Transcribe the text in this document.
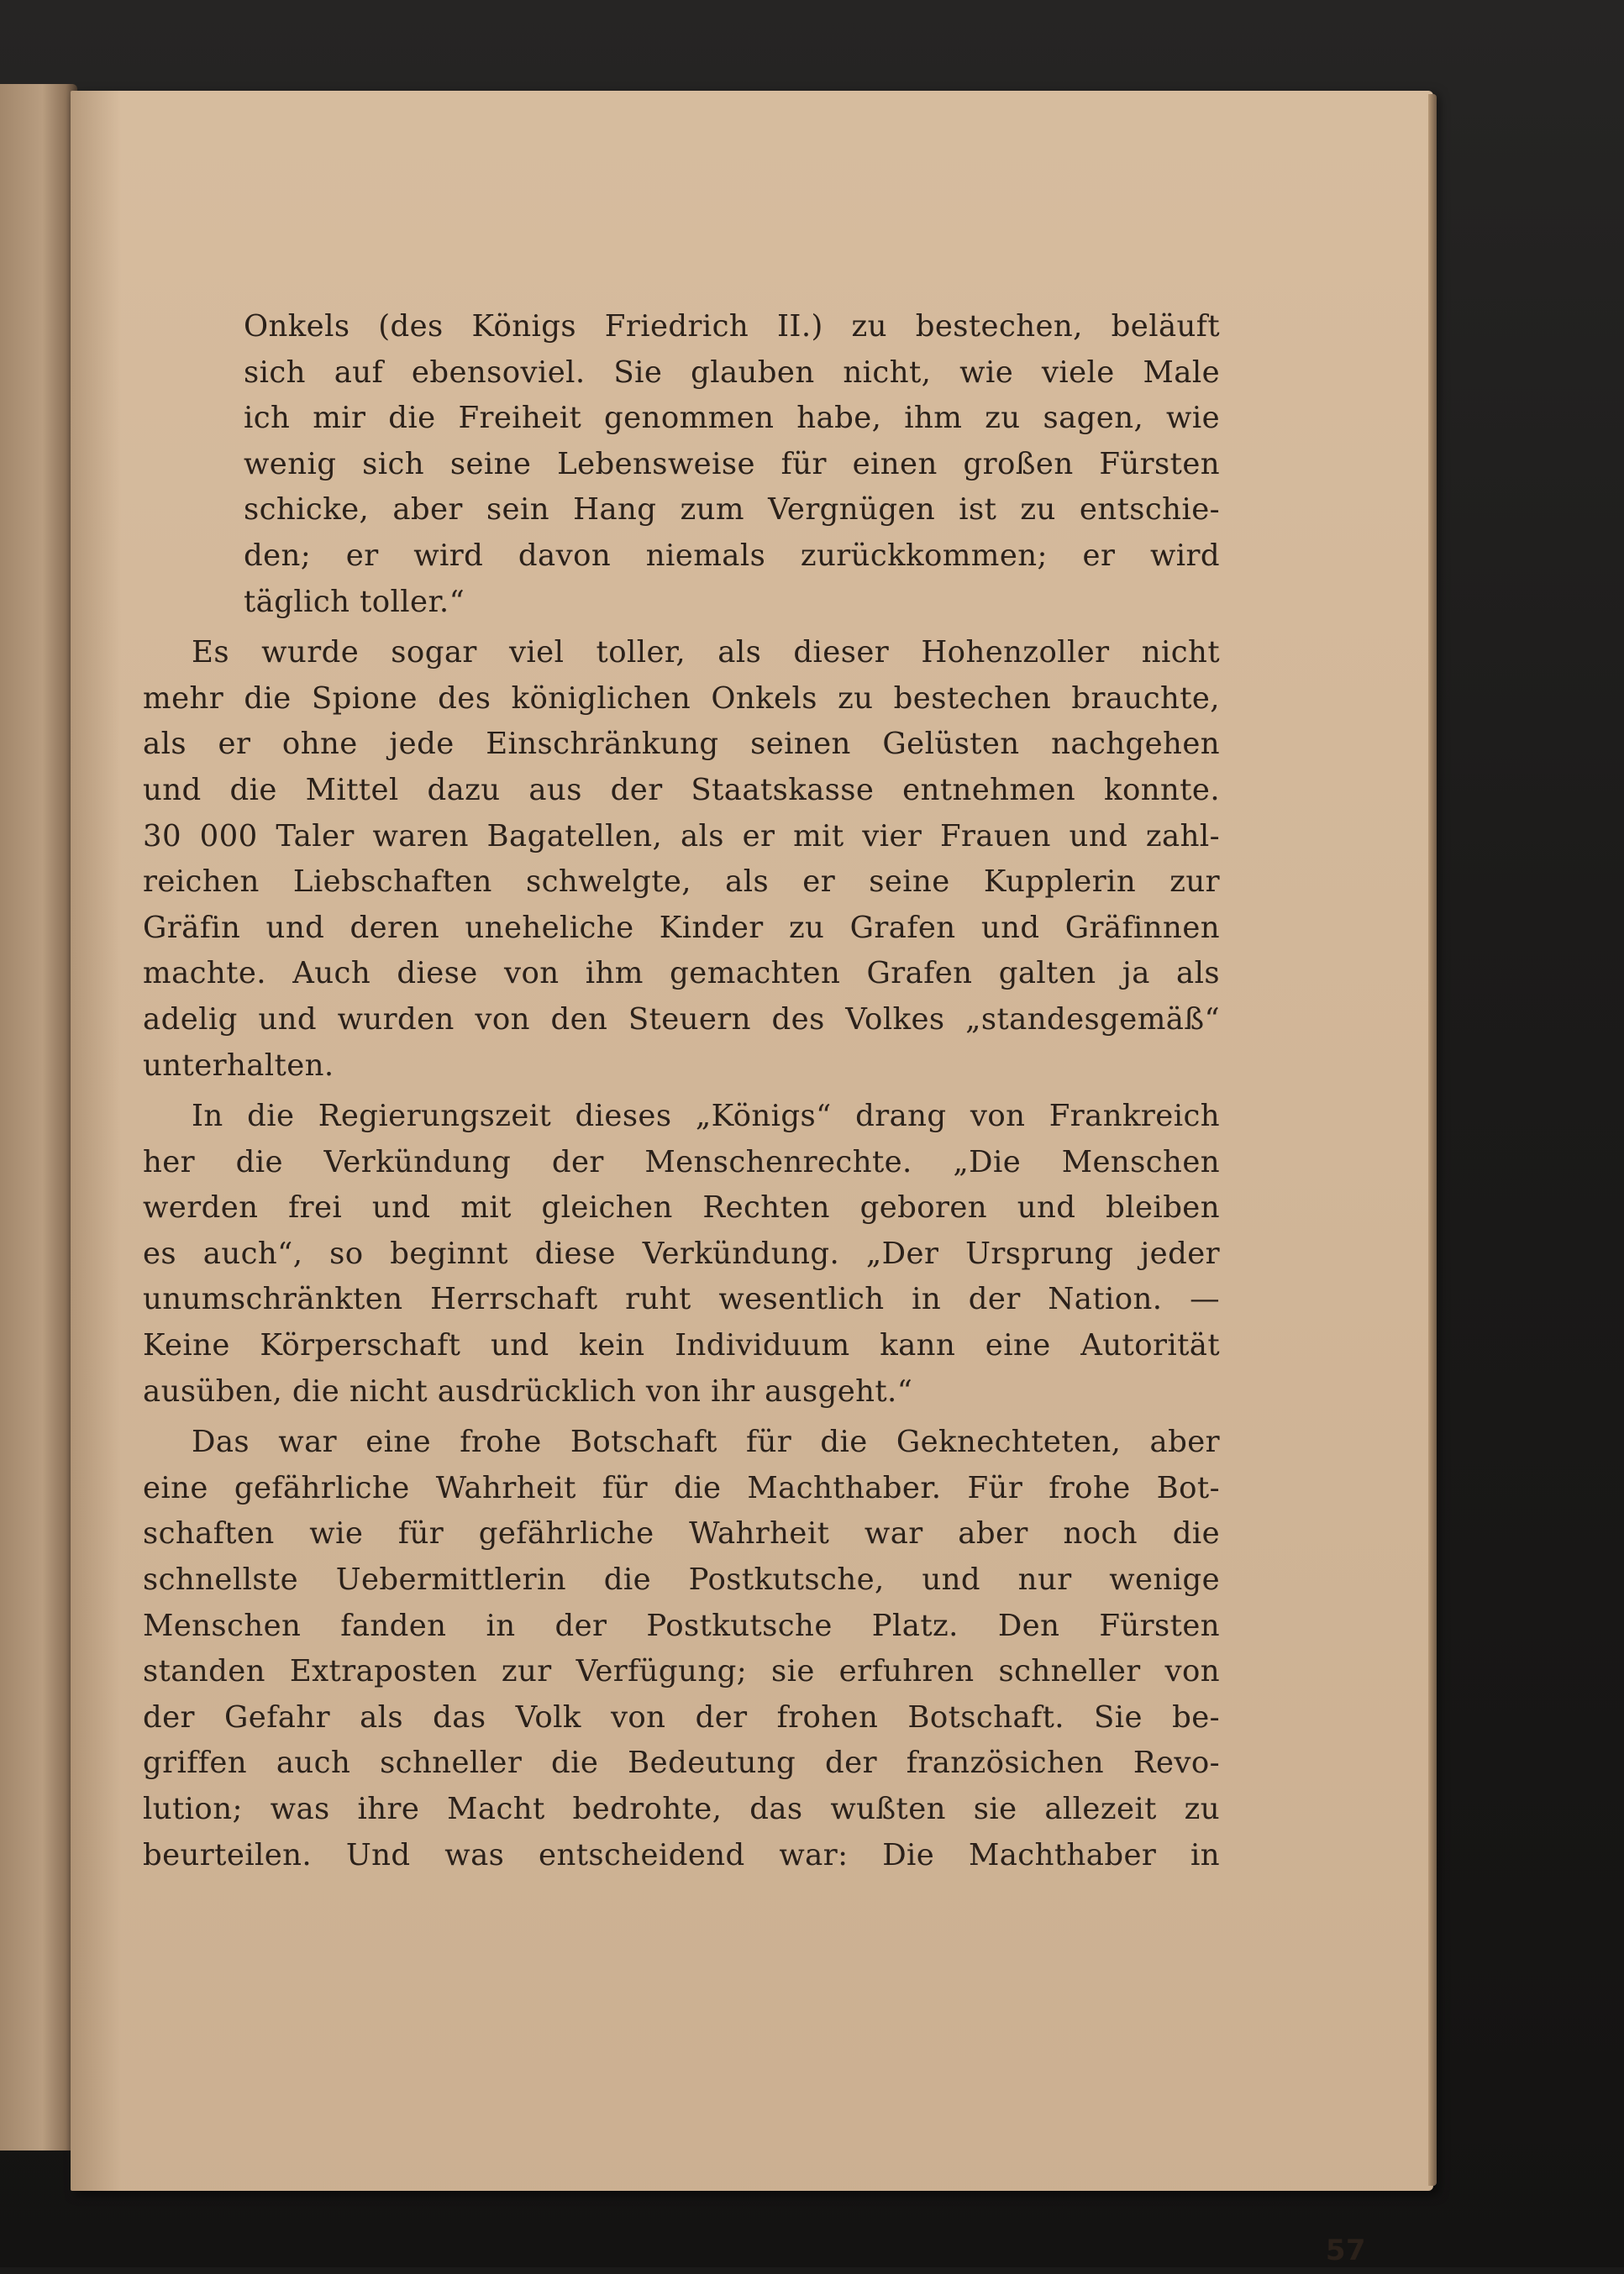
Onkels (des Königs Friedrich II.) zu bestechen, beläuft
sich auf ebensoviel. Sie glauben nicht, wie viele Male
ich mir die Freiheit genommen habe, ihm zu sagen, wie
wenig sich seine Lebensweise für einen großen Fürsten
schicke, aber sein Hang zum Vergnügen ist zu entschie-
den; er wird davon niemals zurückkommen; er wird
täglich toller.“
Es wurde sogar viel toller, als dieser Hohenzoller nicht
mehr die Spione des königlichen Onkels zu bestechen brauchte,
als er ohne jede Einschränkung seinen Gelüsten nachgehen
und die Mittel dazu aus der Staatskasse entnehmen konnte.
30 000 Taler waren Bagatellen, als er mit vier Frauen und zahl-
reichen Liebschaften schwelgte, als er seine Kupplerin zur
Gräfin und deren uneheliche Kinder zu Grafen und Gräfinnen
machte. Auch diese von ihm gemachten Grafen galten ja als
adelig und wurden von den Steuern des Volkes „standesgemäß“
unterhalten.
In die Regierungszeit dieses „Königs“ drang von Frankreich
her die Verkündung der Menschenrechte. „Die Menschen
werden frei und mit gleichen Rechten geboren und bleiben
es auch“, so beginnt diese Verkündung. „Der Ursprung jeder
unumschränkten Herrschaft ruht wesentlich in der Nation. —
Keine Körperschaft und kein Individuum kann eine Autorität
ausüben, die nicht ausdrücklich von ihr ausgeht.“
Das war eine frohe Botschaft für die Geknechteten, aber
eine gefährliche Wahrheit für die Machthaber. Für frohe Bot-
schaften wie für gefährliche Wahrheit war aber noch die
schnellste Uebermittlerin die Postkutsche, und nur wenige
Menschen fanden in der Postkutsche Platz. Den Fürsten
standen Extraposten zur Verfügung; sie erfuhren schneller von
der Gefahr als das Volk von der frohen Botschaft. Sie be-
griffen auch schneller die Bedeutung der französichen Revo-
lution; was ihre Macht bedrohte, das wußten sie allezeit zu
beurteilen. Und was entscheidend war: Die Machthaber in
57
